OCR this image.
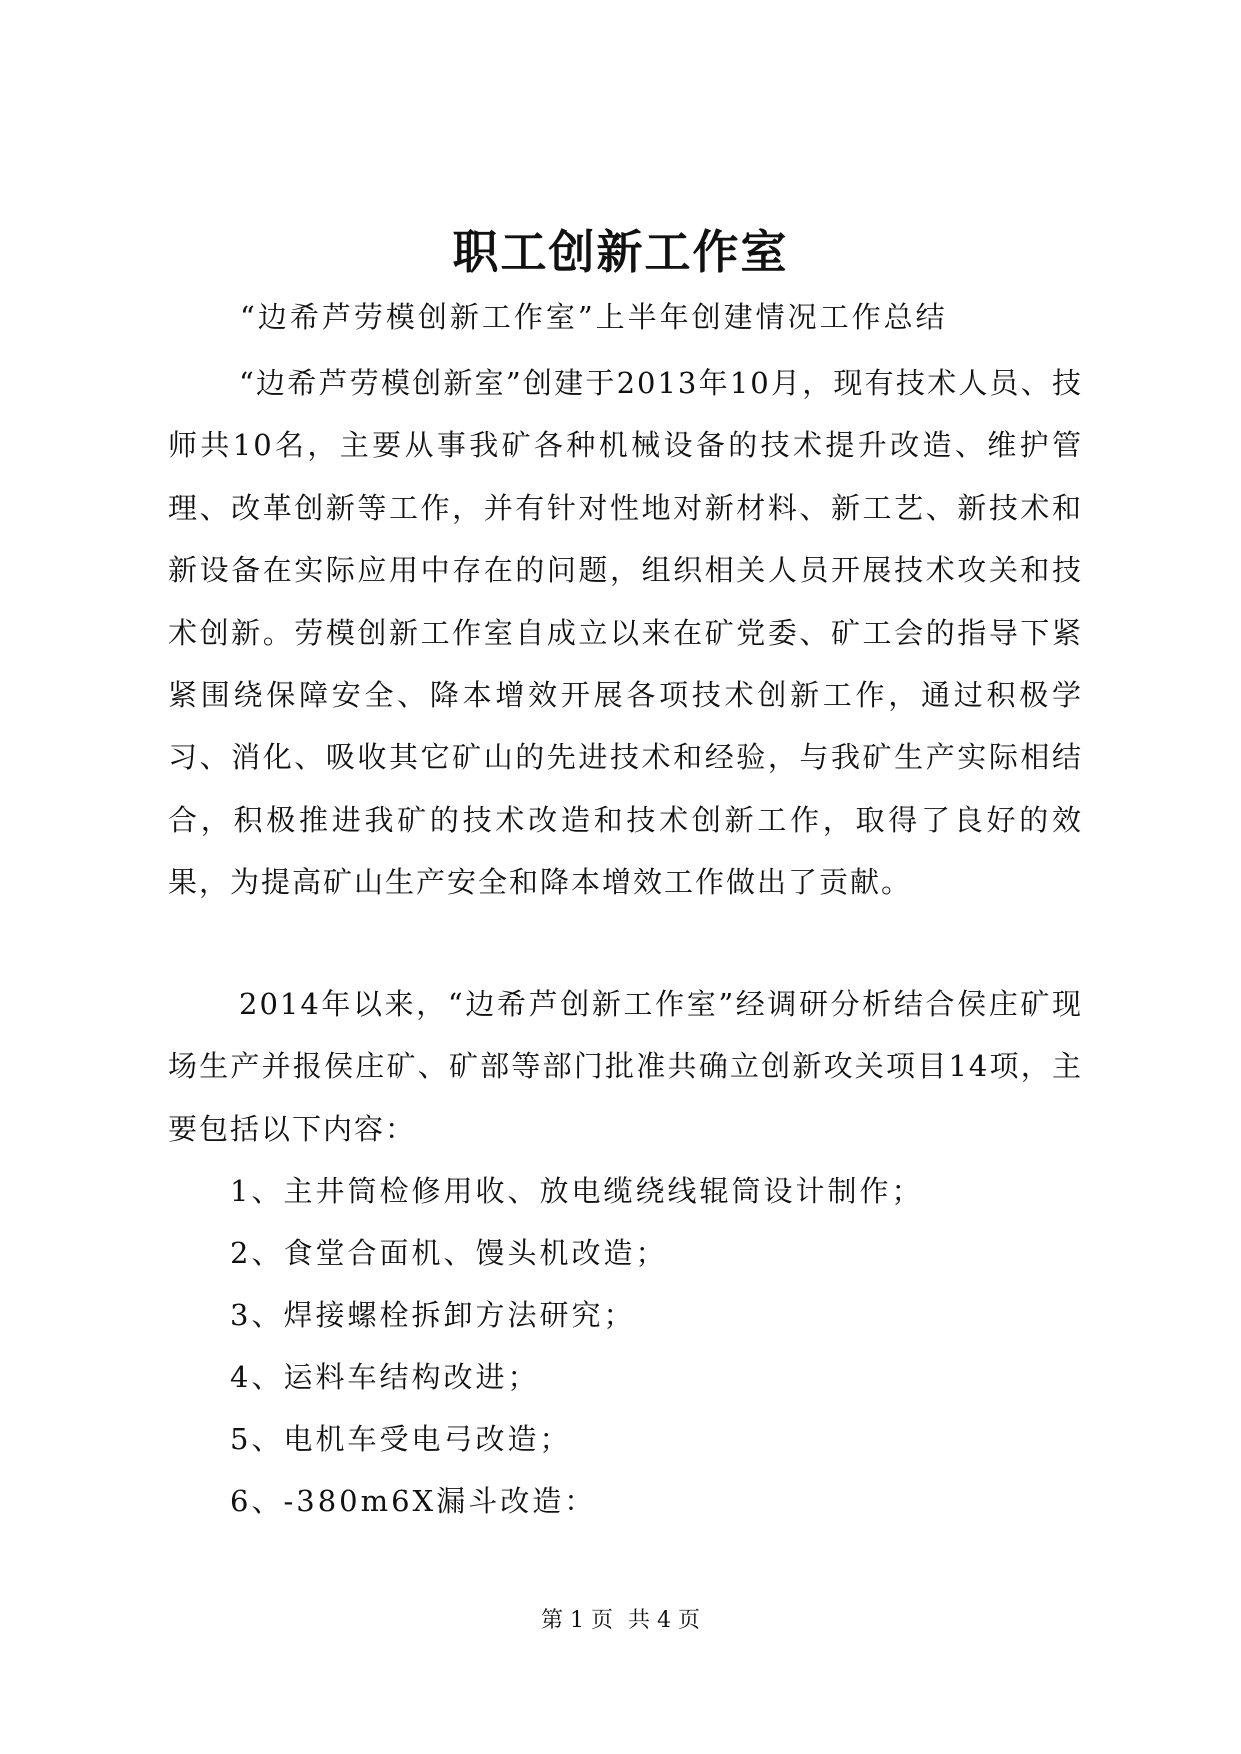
职工创新工作室
“边希芦劳模创新工作室”上半年创建情况工作总结

“边希芦劳模创新室”创建于2013年10月，现有技术人员、技师共10名，主要从事我矿各种机械设备的技术提升改造、维护管理、改革创新等工作，并有针对性地对新材料、新工艺、新技术和新设备在实际应用中存在的问题，组织相关人员开展技术攻关和技术创新。劳模创新工作室自成立以来在矿党委、矿工会的指导下紧紧围绕保障安全、降本增效开展各项技术创新工作，通过积极学习、消化、吸收其它矿山的先进技术和经验，与我矿生产实际相结合，积极推进我矿的技术改造和技术创新工作，取得了良好的效果，为提高矿山生产安全和降本增效工作做出了贡献。

2014年以来，“边希芦创新工作室”经调研分析结合侯庄矿现场生产并报侯庄矿、矿部等部门批准共确立创新攻关项目14项，主要包括以下内容：

1、主井筒检修用收、放电缆绕线辊筒设计制作；
2、食堂合面机、馒头机改造；
3、焊接螺栓拆卸方法研究；
4、运料车结构改进；
5、电机车受电弓改造；
6、-380m6X漏斗改造：
第 1 页 共 4 页
